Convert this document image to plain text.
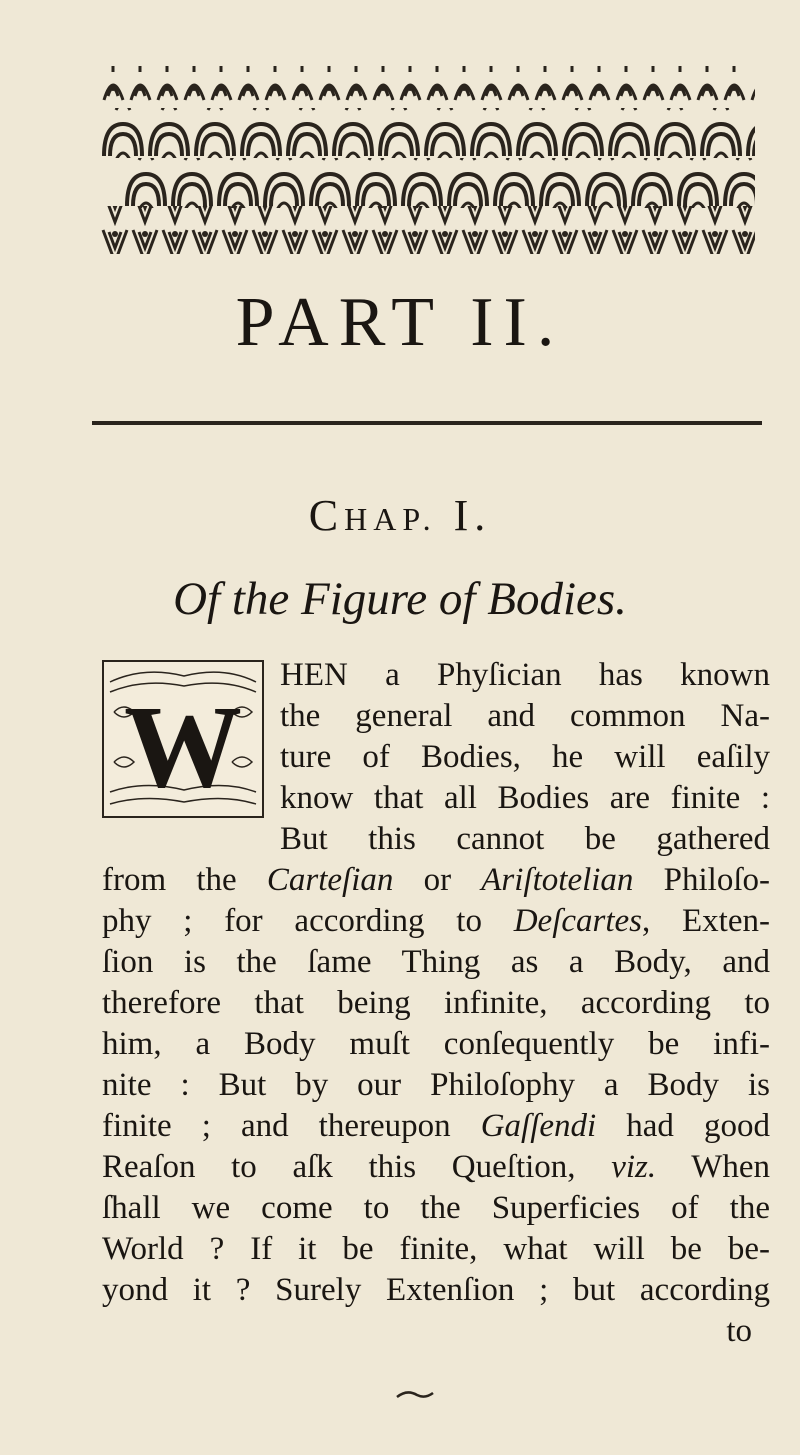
PART II.
CHAP. I.
Of the Figure of Bodies.
W
HEN a Phyſician has known
the general and common Na-
ture of Bodies, he will eaſily
know that all Bodies are finite :
But this cannot be gathered
from the Carteſian or Ariſtotelian Philoſo-
phy ; for according to Deſcartes, Exten-
ſion is the ſame Thing as a Body, and
therefore that being infinite, according to
him, a Body muſt conſequently be infi-
nite : But by our Philoſophy a Body is
finite ; and thereupon Gaſſendi had good
Reaſon to aſk this Queſtion, viz. When
ſhall we come to the Superficies of the
World ? If it be finite, what will be be-
yond it ? Surely Extenſion ; but according
to
